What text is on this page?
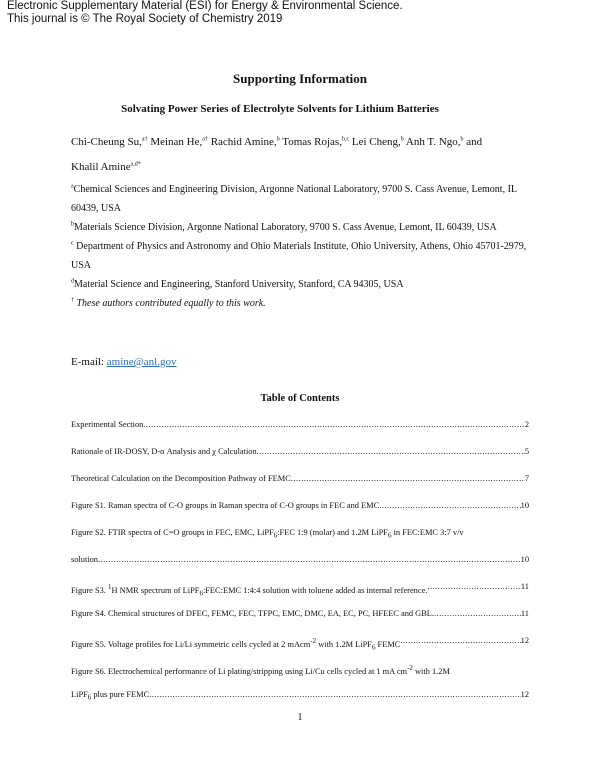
Electronic Supplementary Material (ESI) for Energy & Environmental Science.
This journal is © The Royal Society of Chemistry 2019
Supporting Information
Solvating Power Series of Electrolyte Solvents for Lithium Batteries
Chi-Cheung Su,$^{a\dagger}$ Meinan He,$^{a\dagger}$ Rachid Amine,$^b$ Tomas Rojas,$^{b,c}$ Lei Cheng,$^b$ Anh T. Ngo,$^b$ and
Khalil Amine$^{a,d*}$

$^a$Chemical Sciences and Engineering Division, Argonne National Laboratory, 9700 S. Cass Avenue, Lemont, IL 60439, USA

$^b$Materials Science Division, Argonne National Laboratory, 9700 S. Cass Avenue, Lemont, IL 60439, USA

$^c$ Department of Physics and Astronomy and Ohio Materials Institute, Ohio University, Athens, Ohio 45701-2979, USA

$^d$Material Science and Engineering, Stanford University, Stanford, CA 94305, USA

† These authors contributed equally to this work.

E-mail: amine@anl.gov
Table of Contents
Experimental Section .....	2
Rationale of IR-DOSY, D-α Analysis and χ Calculation .....	5
Theoretical Calculation on the Decomposition Pathway of FEMC .....	7
Figure S1. Raman spectra of C-O groups in Raman spectra of C-O groups in FEC and EMC .....	10
Figure S2. FTIR spectra of C=O groups in FEC, EMC, LiPF$_6$:FEC 1:9 (molar) and 1.2M LiPF$_6$ in FEC:EMC 3:7 v/v
solution .....	10
Figure S3. $^1$H NMR spectrum of LiPF$_6$:FEC:EMC 1:4:4 solution with toluene added as internal reference. .....	11
Figure S4. Chemical structures of DFEC, FEMC, FEC, TFPC, EMC, DMC, EA, EC, PC, HFEEC and GBL. .....	11
Figure S5. Voltage profiles for Li/Li symmetric cells cycled at 2 mAcm$^{-2}$ with 1.2M LiPF$_6$ FEMC .....	12
Figure S6. Electrochemical performance of Li plating/stripping using Li/Cu cells cycled at 1 mA $cm^{-2}$ with 1.2M
LiPF$_6$ plus pure FEMC .....	12
1
